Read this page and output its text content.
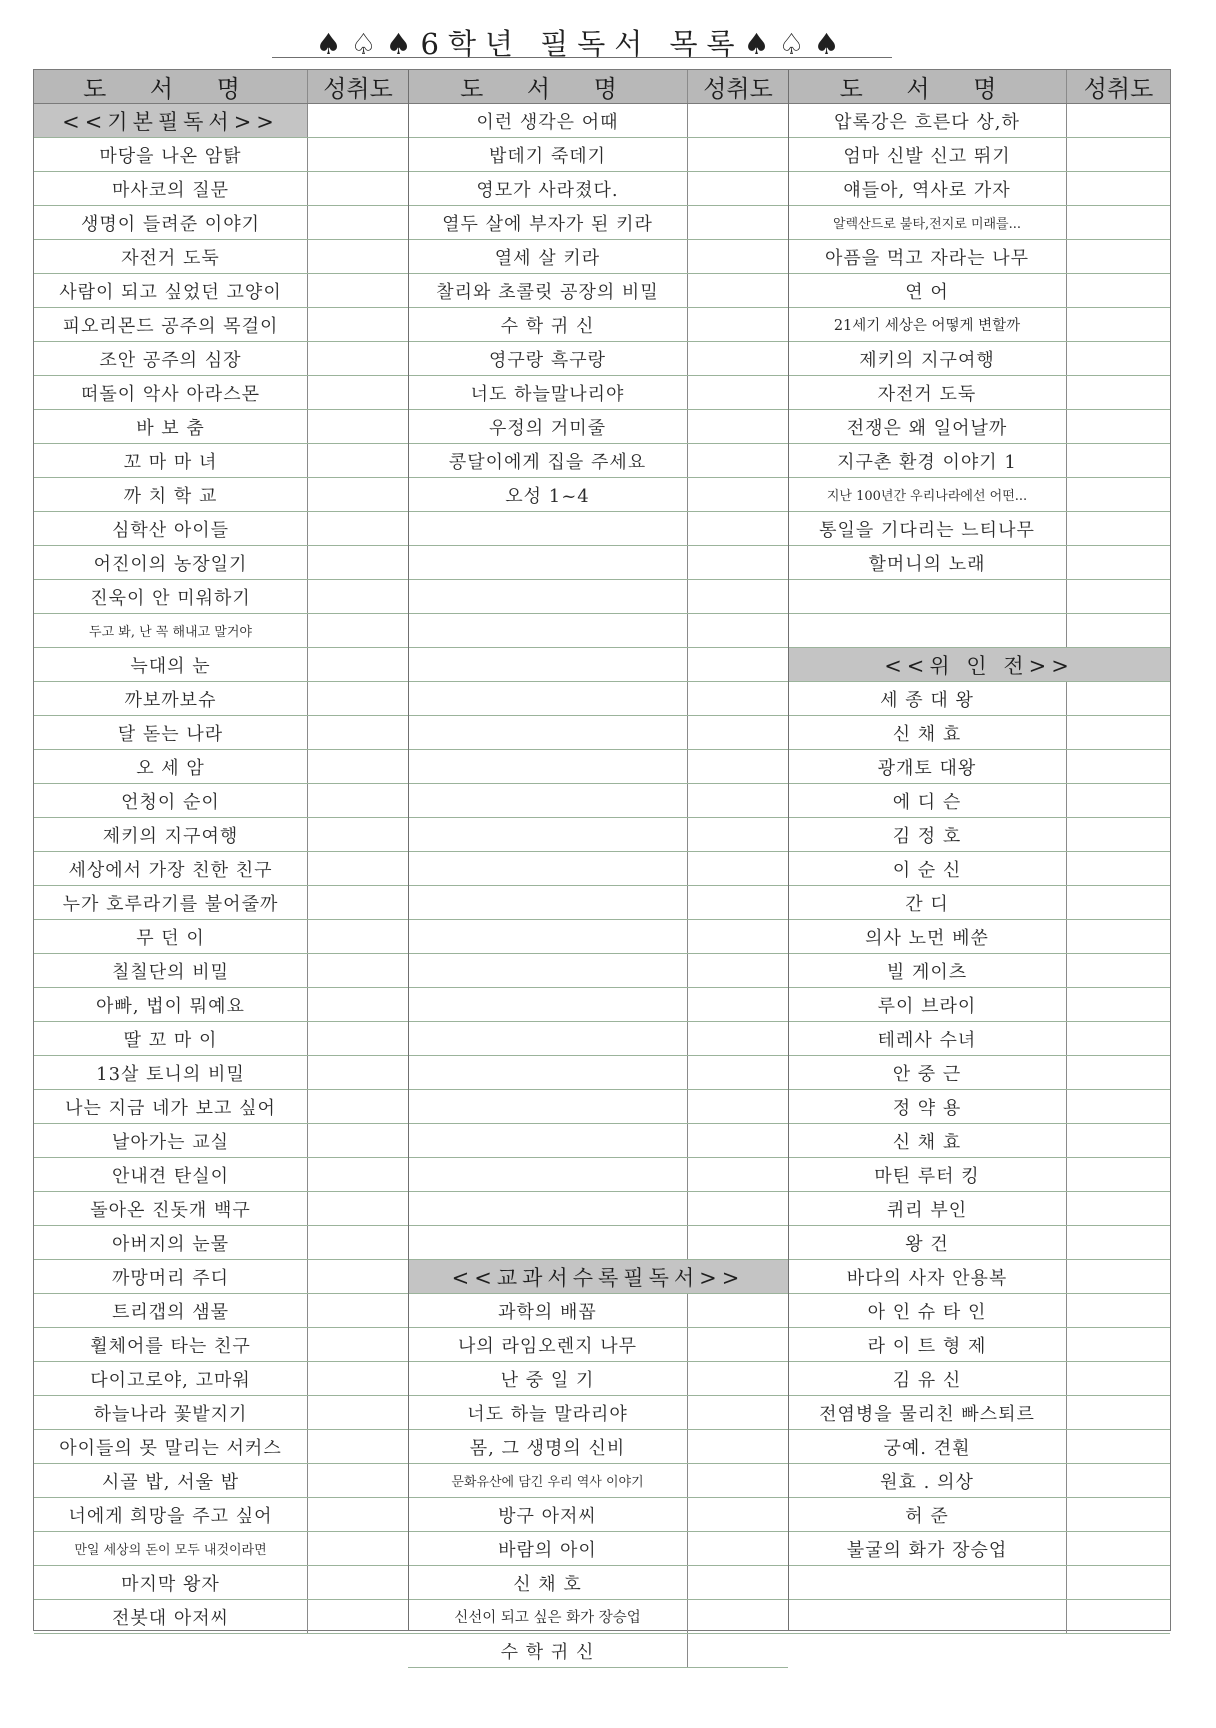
♠♤♠6학년 필독서 목록♠♤♠
도 서 명	성취도
<<기본필독서>>
마당을 나온 암탉
마사코의 질문
생명이 들려준 이야기
자전거 도둑
사람이 되고 싶었던 고양이
피오리몬드 공주의 목걸이
조안 공주의 심장
떠돌이 악사 아라스몬
바 보 춤
꼬 마 마 녀
까 치 학 교
심학산 아이들
어진이의 농장일기
진욱이 안 미워하기
두고 봐, 난 꼭 해내고 말거야
늑대의 눈
까보까보슈
달 돋는 나라
오 세 암
언청이 순이
제키의 지구여행
세상에서 가장 친한 친구
누가 호루라기를 불어줄까
무 던 이
칠칠단의 비밀
아빠, 법이 뭐예요
딸 꼬 마 이
13살 토니의 비밀
나는 지금 네가 보고 싶어
날아가는 교실
안내견 탄실이
돌아온 진돗개 백구
아버지의 눈물
까망머리 주디
트리갭의 샘물
휠체어를 타는 친구
다이고로야, 고마워
하늘나라 꽃밭지기
아이들의 못 말리는 서커스
시골 밥, 서울 밥
너에게 희망을 주고 싶어
만일 세상의 돈이 모두 내것이라면
마지막 왕자
전봇대 아저씨
도 서 명	성취도
이런 생각은 어때
밥데기 죽데기
영모가 사라졌다.
열두 살에 부자가 된 키라
열세 살 키라
찰리와 초콜릿 공장의 비밀
수 학 귀 신
영구랑 흑구랑
너도 하늘말나리야
우정의 거미줄
콩달이에게 집을 주세요
오성 1~4
<<교과서수록필독서>>
과학의 배꼽
나의 라임오렌지 나무
난 중 일 기
너도 하늘 말라리야
몸, 그 생명의 신비
문화유산에 담긴 우리 역사 이야기
방구 아저씨
바람의 아이
신 채 호
신선이 되고 싶은 화가 장승업
수 학 귀 신
도 서 명	성취도
압록강은 흐른다 상,하
엄마 신발 신고 뛰기
얘들아, 역사로 가자
알렉산드로 불타,전지로 미래를...
아픔을 먹고 자라는 나무
연 어
21세기 세상은 어떻게 변할까
제키의 지구여행
자전거 도둑
전쟁은 왜 일어날까
지구촌 환경 이야기 1
지난 100년간 우리나라에선 어떤...
통일을 기다리는 느티나무
할머니의 노래
<<위 인 전>>
세 종 대 왕
신 채 효
광개토 대왕
에 디 슨
김 정 호
이 순 신
간 디
의사 노먼 베쑨
빌 게이츠
루이 브라이
테레사 수녀
안 중 근
정 약 용
신 채 효
마틴 루터 킹
퀴리 부인
왕 건
바다의 사자 안용복
아 인 슈 타 인
라 이 트 형 제
김 유 신
전염병을 물리친 빠스퇴르
궁예. 견훤
원효 . 의상
허 준
불굴의 화가 장승업
